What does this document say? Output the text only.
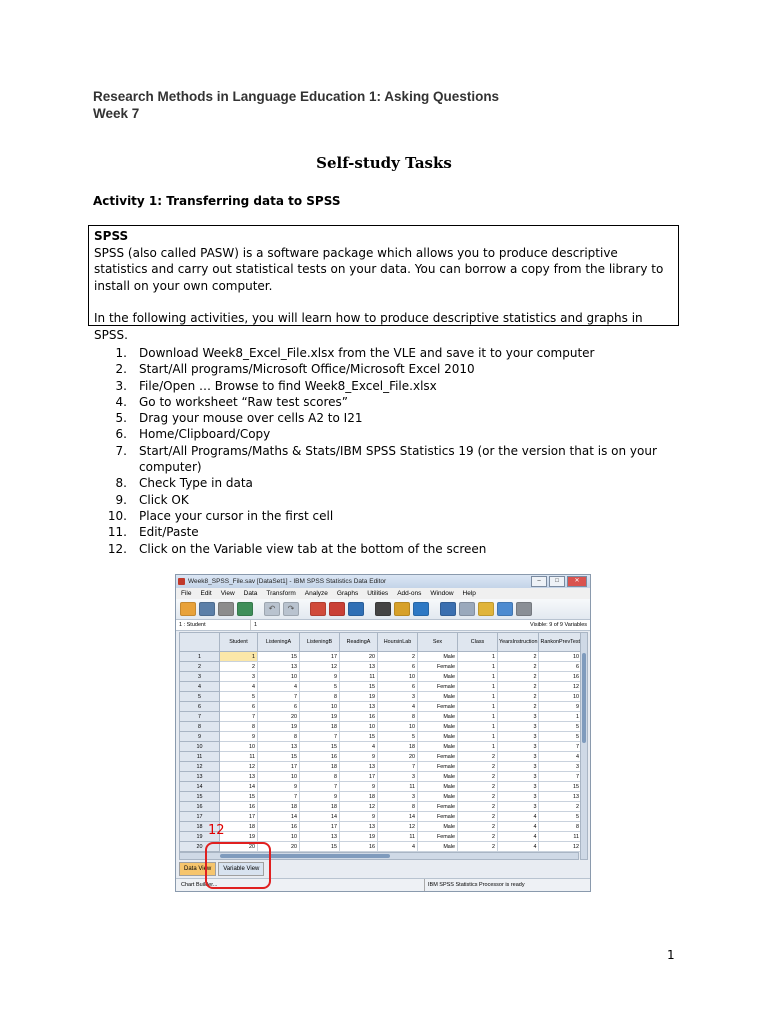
Research Methods in Language Education 1: Asking Questions
Week 7
Self-study Tasks
Activity 1: Transferring data to SPSS

SPSS

SPSS (also called PASW) is a software package which allows you to produce descriptive statistics and carry out statistical tests on your data. You can borrow a copy from the library to install on your own computer.

In the following activities, you will learn how to produce descriptive statistics and graphs in SPSS.

1. Download Week8_Excel_File.xlsx from the VLE and save it to your computer
2. Start/All programs/Microsoft Office/Microsoft Excel 2010
3. File/Open … Browse to find Week8_Excel_File.xlsx
4. Go to worksheet “Raw test scores”
5. Drag your mouse over cells A2 to I21
6. Home/Clipboard/Copy
7. Start/All Programs/Maths & Stats/IBM SPSS Statistics 19 (or the version that is on your computer)
8. Check Type in data
9. Click OK
10. Place your cursor in the first cell
11. Edit/Paste
12. Click on the Variable view tab at the bottom of the screen
Week8_SPSS_File.sav [DataSet1] - IBM SPSS Statistics Data Editor	–	□	✕
File Edit View Data Transform Analyze Graphs Utilities Add-ons Window Help
↶	↷
1 : Student	1	Visible: 9 of 9 Variables
	Student	ListeningA	ListeningB	ReadingA	HoursinLab	Sex	Class	YearsInstruction	RankonPrevTest
1	1	15	17	20	2	Male	1	2	10
2	2	13	12	13	6	Female	1	2	6
3	3	10	9	11	10	Male	1	2	16
4	4	4	5	15	6	Female	1	2	12
5	5	7	8	19	3	Male	1	2	10
6	6	6	10	13	4	Female	1	2	9
7	7	20	19	16	8	Male	1	3	1
8	8	19	18	10	10	Male	1	3	5
9	9	8	7	15	5	Male	1	3	5
10	10	13	15	4	18	Male	1	3	7
11	11	15	16	9	20	Female	2	3	4
12	12	17	18	13	7	Female	2	3	3
13	13	10	8	17	3	Male	2	3	7
14	14	9	7	9	11	Male	2	3	15
15	15	7	9	18	3	Male	2	3	13
16	16	18	18	12	8	Female	2	3	2
17	17	14	14	9	14	Female	2	4	5
18	18	16	17	13	12	Male	2	4	8
19	19	10	13	19	11	Female	2	4	11
20	20	20	15	16	4	Male	2	4	12
Data View	Variable View
Chart Builder...	IBM SPSS Statistics Processor is ready
12
1
